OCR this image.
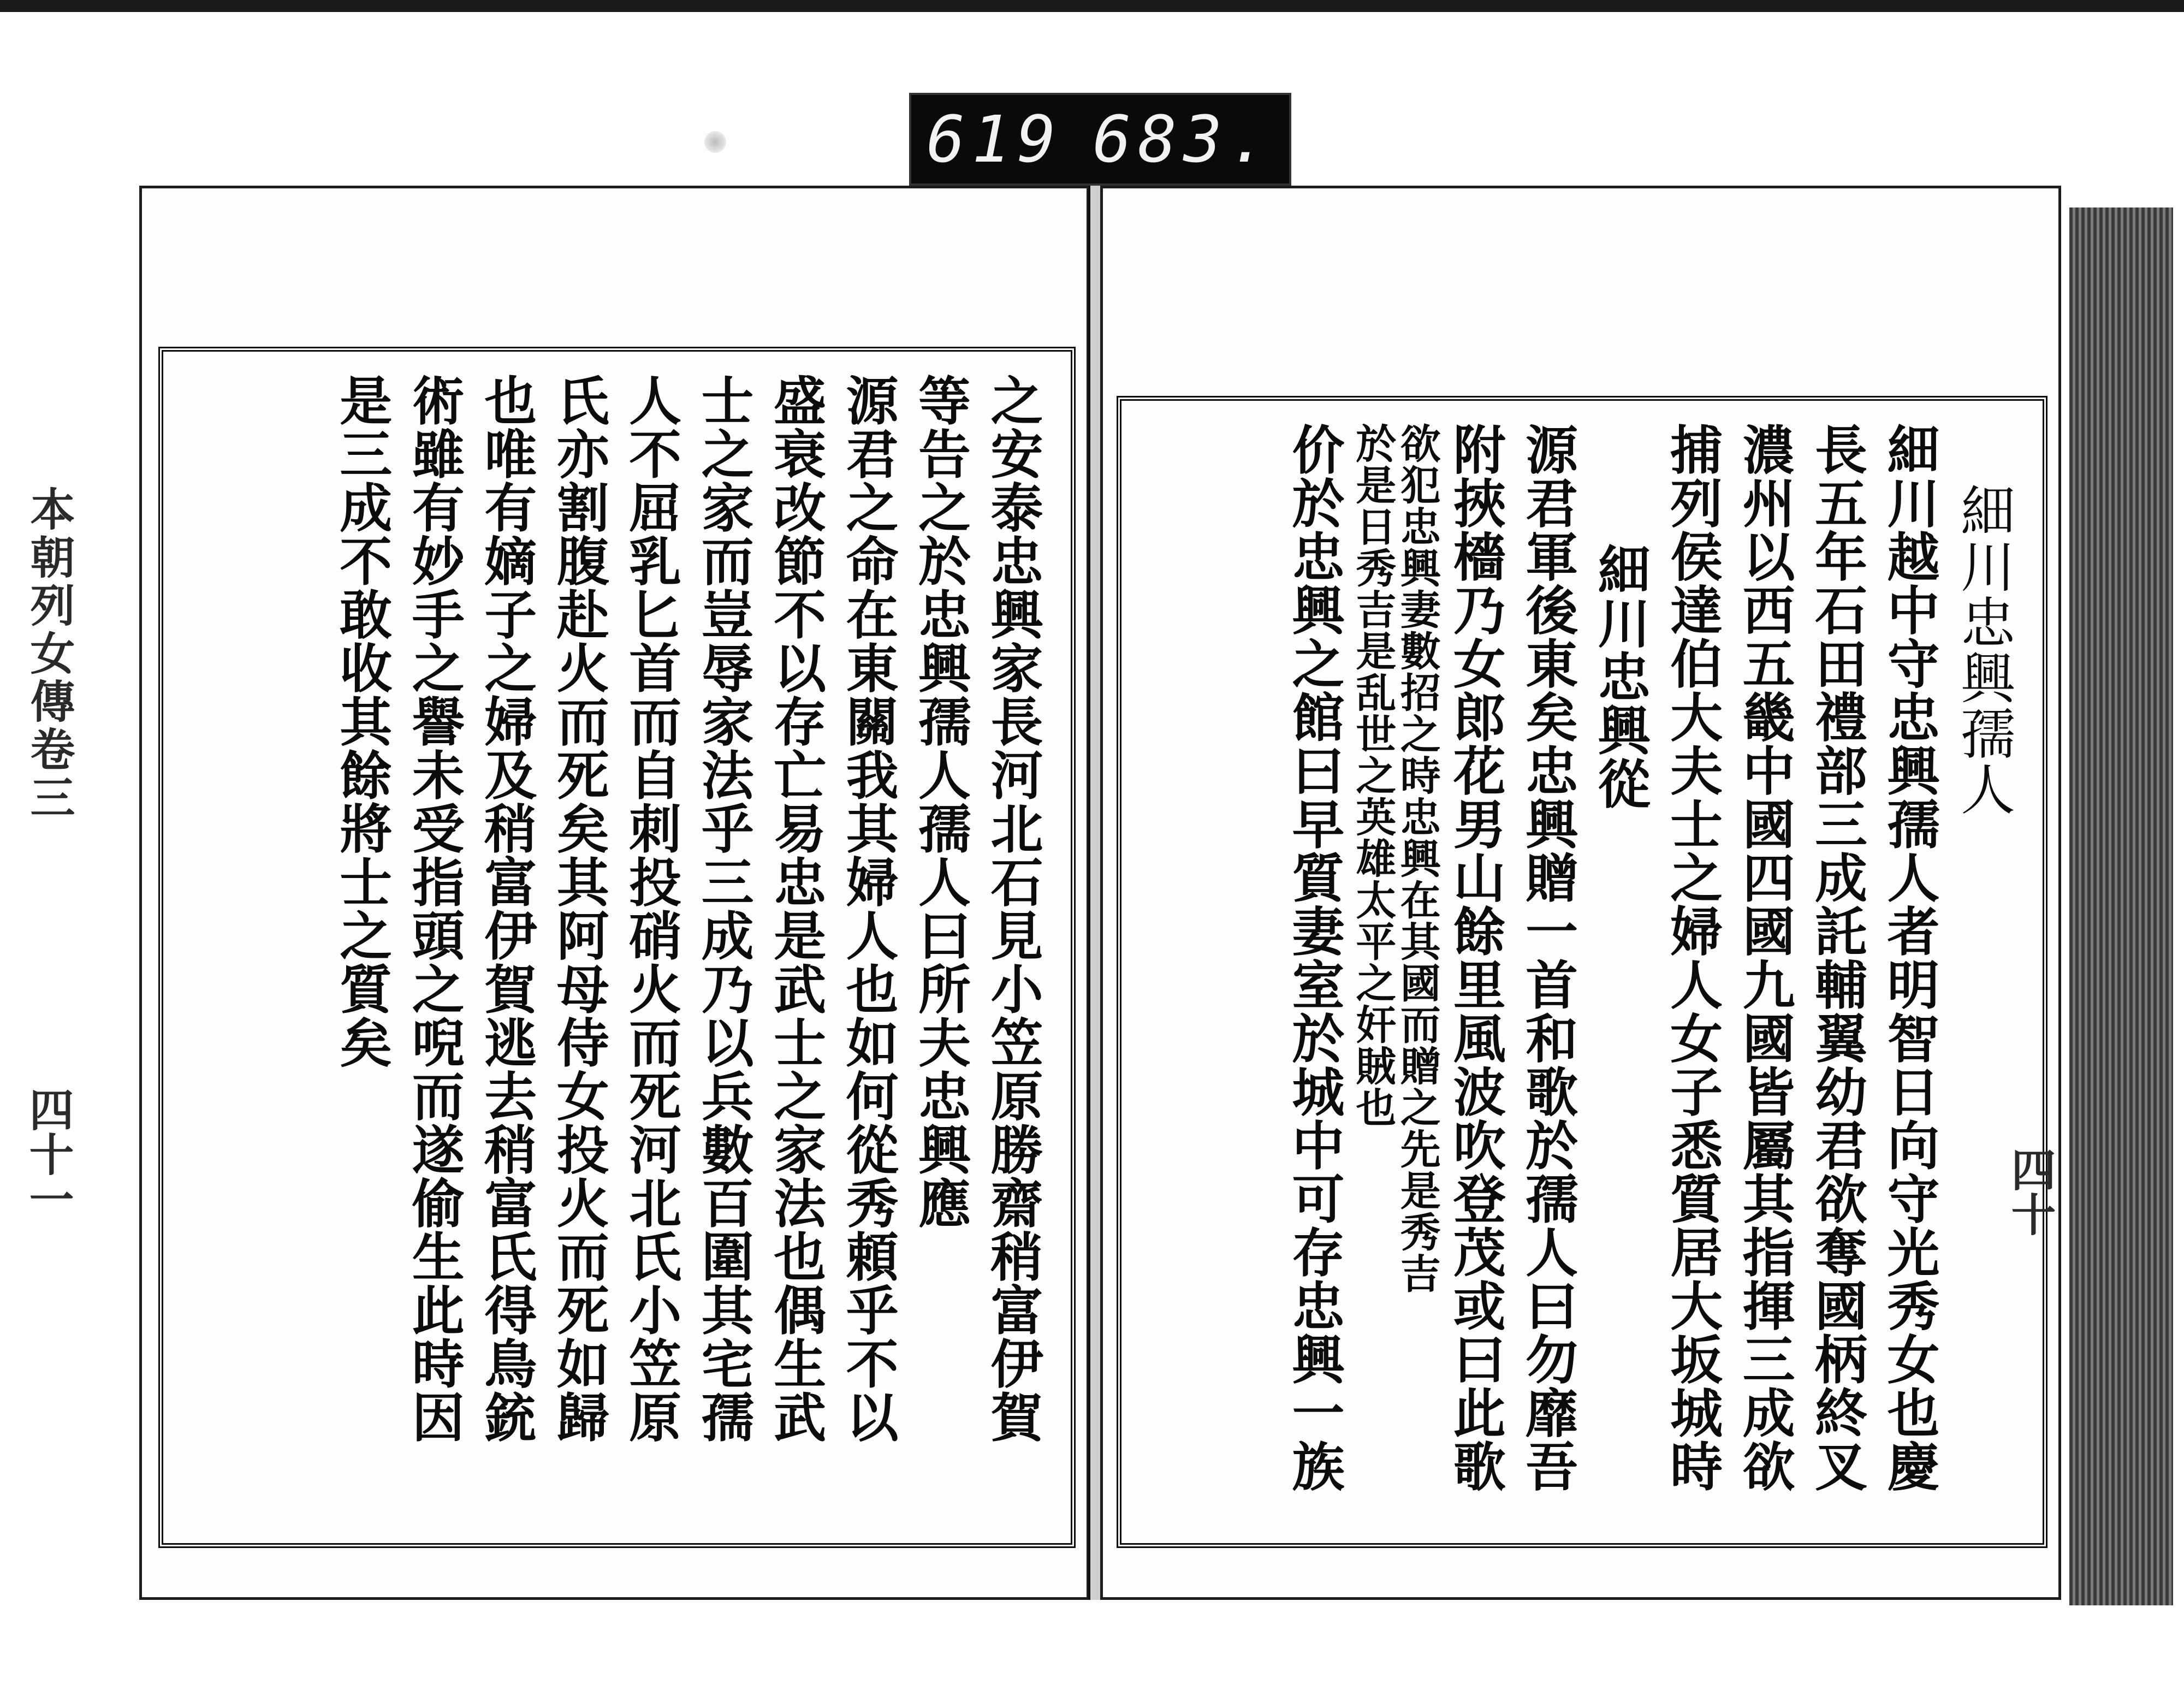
619 683.
之安泰忠興家長河北石見小笠原勝齋稍富伊賀
等告之於忠興孺人孺人曰所夫忠興應
源君之命在東關我其婦人也如何從秀頼乎不以
盛衰改節不以存亡易忠是武士之家法也偶生武
士之家而豈辱家法乎三成乃以兵數百圍其宅孺
人不屈乳匕首而自刺投硝火而死河北氏小笠原
氏亦割腹赴火而死矣其阿母侍女投火而死如歸
也唯有嫡子之婦及稍富伊賀逃去稍富氏得鳥銃
術雖有妙手之譽未受指頭之唲而遂偷生此時因
是三成不敢收其餘將士之質矣	細川忠興孺人
細川越中守忠興孺人者明智日向守光秀女也慶
長五年石田禮部三成託輔翼幼君欲奪國柄終叉
濃州以西五畿中國四國九國皆屬其指揮三成欲
捕列侯達伯大夫士之婦人女子悉質居大坂城時
細川忠興從
源君軍後東矣忠興贈一首和歌於孺人曰勿靡吾
附挾檣乃女郎花男山餘里風波吹登茂或曰此歌
欲犯忠興妻數招之時忠興在其國而贈之先是秀吉
於是日秀吉是乱世之英雄太平之奸賊也
价於忠興之館曰早質妻室於城中可存忠興一族
本朝列女傳卷三
四十一	四十
